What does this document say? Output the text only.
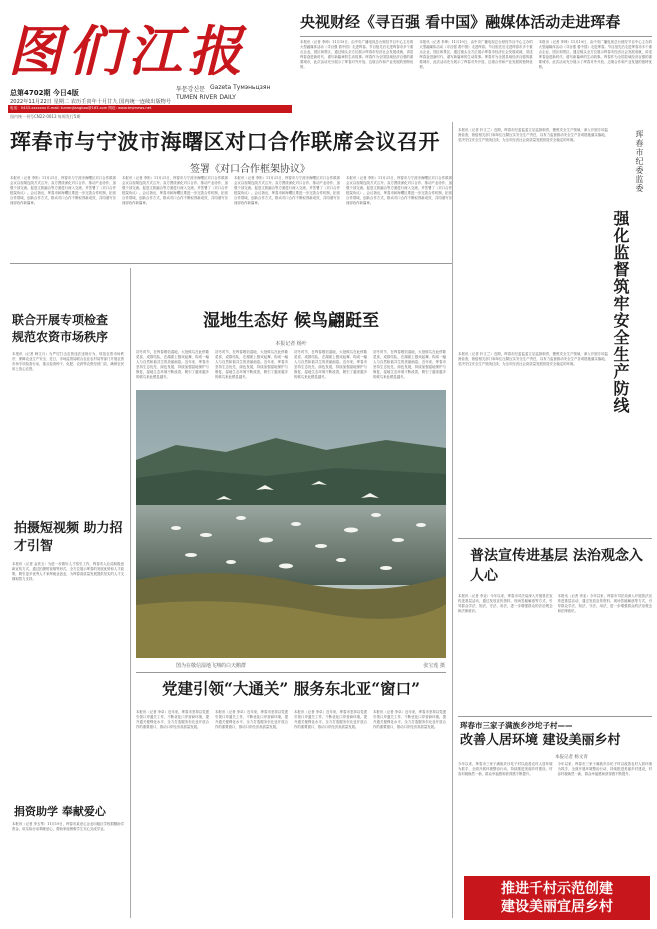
图们江报
总第4702期 今日4版
2022年11月22日 星期二 农历壬寅年十月廿九 国内统一连续出版物号
투문강신문 Gazeta Тумэньцзян
TUMEN RIVER DAILY
电话：0433-xxxxxxx E-mail: tumenjiangbao@163.com 网址: www.tmjrnews.net
国内统一刊号CN22-0013 每周发行5期
央视财经《寻百强 看中国》融媒体活动走进珲春
本报讯（记者 李坤）11月19日，由中央广播电视总台财经节目中心主办的大型融媒体活动《寻百强 看中国》走进珲春。节目组先后走进珲春市多个重点企业、园区和景区，通过镜头全方位展示珲春市经济社会发展成就，讲述珲春奋进新时代、谱写新篇章的生动故事。珲春作为全国县域经济百强的重要城市，此次活动充分展示了珲春对外开放、边境合作和产业发展的独特优势。
本报讯（记者 李坤）11月19日，由中央广播电视总台财经节目中心主办的大型融媒体活动《寻百强 看中国》走进珲春。节目组先后走进珲春市多个重点企业、园区和景区，通过镜头全方位展示珲春市经济社会发展成就，讲述珲春奋进新时代、谱写新篇章的生动故事。珲春作为全国县域经济百强的重要城市，此次活动充分展示了珲春对外开放、边境合作和产业发展的独特优势。
本报讯（记者 李坤）11月19日，由中央广播电视总台财经节目中心主办的大型融媒体活动《寻百强 看中国》走进珲春。节目组先后走进珲春市多个重点企业、园区和景区，通过镜头全方位展示珲春市经济社会发展成就，讲述珲春奋进新时代、谱写新篇章的生动故事。珲春作为全国县域经济百强的重要城市，此次活动充分展示了珲春对外开放、边境合作和产业发展的独特优势。
珲春市与宁波市海曙区对口合作联席会议召开
签署《对口合作框架协议》
本报讯（记者 李彤）11月21日，珲春市与宁波市海曙区对口合作联席会议以视频连线方式召开。双方围绕深化对口合作、推动产业协作、加强干部交流、促进文旅融合等方面进行深入交流，并签署了《对口合作框架协议》。会议指出，珲春市和海曙区要进一步完善合作机制，拓宽合作领域，创新合作方式，推动对口合作不断取得新成效，共同谱写东西部协作新篇章。
本报讯（记者 李彤）11月21日，珲春市与宁波市海曙区对口合作联席会议以视频连线方式召开。双方围绕深化对口合作、推动产业协作、加强干部交流、促进文旅融合等方面进行深入交流，并签署了《对口合作框架协议》。会议指出，珲春市和海曙区要进一步完善合作机制，拓宽合作领域，创新合作方式，推动对口合作不断取得新成效，共同谱写东西部协作新篇章。
本报讯（记者 李彤）11月21日，珲春市与宁波市海曙区对口合作联席会议以视频连线方式召开。双方围绕深化对口合作、推动产业协作、加强干部交流、促进文旅融合等方面进行深入交流，并签署了《对口合作框架协议》。会议指出，珲春市和海曙区要进一步完善合作机制，拓宽合作领域，创新合作方式，推动对口合作不断取得新成效，共同谱写东西部协作新篇章。
本报讯（记者 李彤）11月21日，珲春市与宁波市海曙区对口合作联席会议以视频连线方式召开。双方围绕深化对口合作、推动产业协作、加强干部交流、促进文旅融合等方面进行深入交流，并签署了《对口合作框架协议》。会议指出，珲春市和海曙区要进一步完善合作机制，拓宽合作领域，创新合作方式，推动对口合作不断取得新成效，共同谱写东西部协作新篇章。
联合开展专项检查 规范农资市场秩序
本报讯（记者 韩文月）为严厉打击农资违法违规行为，规范农资市场秩序，保障农业生产安全，近日，市场监管局联合农业农村局等部门开展农资市场专项检查行动，重点检查种子、化肥、农药等农资经营门店，确保农民用上放心农资。
拍摄短视频 助力招才引智
本报讯（记者 金美玉）为进一步做好人才招引工作，珲春市人社局积极创新宣传方式，通过拍摄短视频等形式，全方位展示珲春的发展优势和人才政策，吸引更多优秀人才来珲就业创业，为珲春高质量发展提供坚实的人才支撑和智力支持。
捐资助学 奉献爱心
本报讯（记者 李玉琴）11月19日，珲春市某爱心企业向辖区学校捐赠助学资金，用实际行动奉献爱心，帮助家庭困难学生安心完成学业。
湿地生态好 候鸟翩跹至
本报记者 杨叶
初冬时节，在珲春敬信湿地，大批候鸟在此停歇觅食，成群结队，在湖面上嬉戏起舞，构成一幅人与自然和谐共生的美丽画卷。近年来，珲春市坚持生态优先、绿色发展，持续加强湿地保护与修复，湿地生态环境不断改善，吸引了越来越多的候鸟来此栖息越冬。
初冬时节，在珲春敬信湿地，大批候鸟在此停歇觅食，成群结队，在湖面上嬉戏起舞，构成一幅人与自然和谐共生的美丽画卷。近年来，珲春市坚持生态优先、绿色发展，持续加强湿地保护与修复，湿地生态环境不断改善，吸引了越来越多的候鸟来此栖息越冬。
初冬时节，在珲春敬信湿地，大批候鸟在此停歇觅食，成群结队，在湖面上嬉戏起舞，构成一幅人与自然和谐共生的美丽画卷。近年来，珲春市坚持生态优先、绿色发展，持续加强湿地保护与修复，湿地生态环境不断改善，吸引了越来越多的候鸟来此栖息越冬。
初冬时节，在珲春敬信湿地，大批候鸟在此停歇觅食，成群结队，在湖面上嬉戏起舞，构成一幅人与自然和谐共生的美丽画卷。近年来，珲春市坚持生态优先、绿色发展，持续加强湿地保护与修复，湿地生态环境不断改善，吸引了越来越多的候鸟来此栖息越冬。
图为在敬信湿地飞翔的白天鹅群	张宝莲 摄
党建引领“大通关” 服务东北亚“窗口”
本报讯（记者 李卓）近年来，珲春市坚持以党建引领口岸通关工作，不断优化口岸营商环境，提升通关便利化水平，全力打造服务东北亚开放合作的重要窗口，推动口岸经济高质量发展。
本报讯（记者 李卓）近年来，珲春市坚持以党建引领口岸通关工作，不断优化口岸营商环境，提升通关便利化水平，全力打造服务东北亚开放合作的重要窗口，推动口岸经济高质量发展。
本报讯（记者 李卓）近年来，珲春市坚持以党建引领口岸通关工作，不断优化口岸营商环境，提升通关便利化水平，全力打造服务东北亚开放合作的重要窗口，推动口岸经济高质量发展。
本报讯（记者 李卓）近年来，珲春市坚持以党建引领口岸通关工作，不断优化口岸营商环境，提升通关便利化水平，全力打造服务东北亚开放合作的重要窗口，推动口岸经济高质量发展。
本报讯（记者 朴文兰）近期，珲春市纪委监委立足监督职责，聚焦安全生产领域，深入开展专项监督检查，督促相关部门和单位压紧压实安全生产责任，以有力监督推动安全生产各项措施落实落地，坚决守住安全生产底线红线，为全市经济社会高质量发展营造安全稳定的环境。
强化监督筑牢安全生产防线
珲春市纪委监委
本报讯（记者 朴文兰）近期，珲春市纪委监委立足监督职责，聚焦安全生产领域，深入开展专项监督检查，督促相关部门和单位压紧压实安全生产责任，以有力监督推动安全生产各项措施落实落地，坚决守住安全生产底线红线，为全市经济社会高质量发展营造安全稳定的环境。
普法宣传进基层 法治观念入人心
本报讯（记者 李亚）今年以来，珲春市司法局深入开展普法宣传进基层活动，通过发放宣传资料、现场答疑解惑等方式，引导群众学法、知法、守法、用法，进一步增强群众的法治观念和法律意识。
本报讯（记者 李亚）今年以来，珲春市司法局深入开展普法宣传进基层活动，通过发放宣传资料、现场答疑解惑等方式，引导群众学法、知法、守法、用法，进一步增强群众的法治观念和法律意识。
珲春市三家子满族乡沙坨子村——
改善人居环境 建设美丽乡村
本报记者 杨文青
今年以来，珲春市三家子满族乡沙坨子村以改善农村人居环境为抓手，全面开展环境整治行动，持续推进美丽乡村建设，村容村貌焕然一新，群众幸福感和获得感不断提升。
今年以来，珲春市三家子满族乡沙坨子村以改善农村人居环境为抓手，全面开展环境整治行动，持续推进美丽乡村建设，村容村貌焕然一新，群众幸福感和获得感不断提升。
推进千村示范创建
建设美丽宜居乡村
